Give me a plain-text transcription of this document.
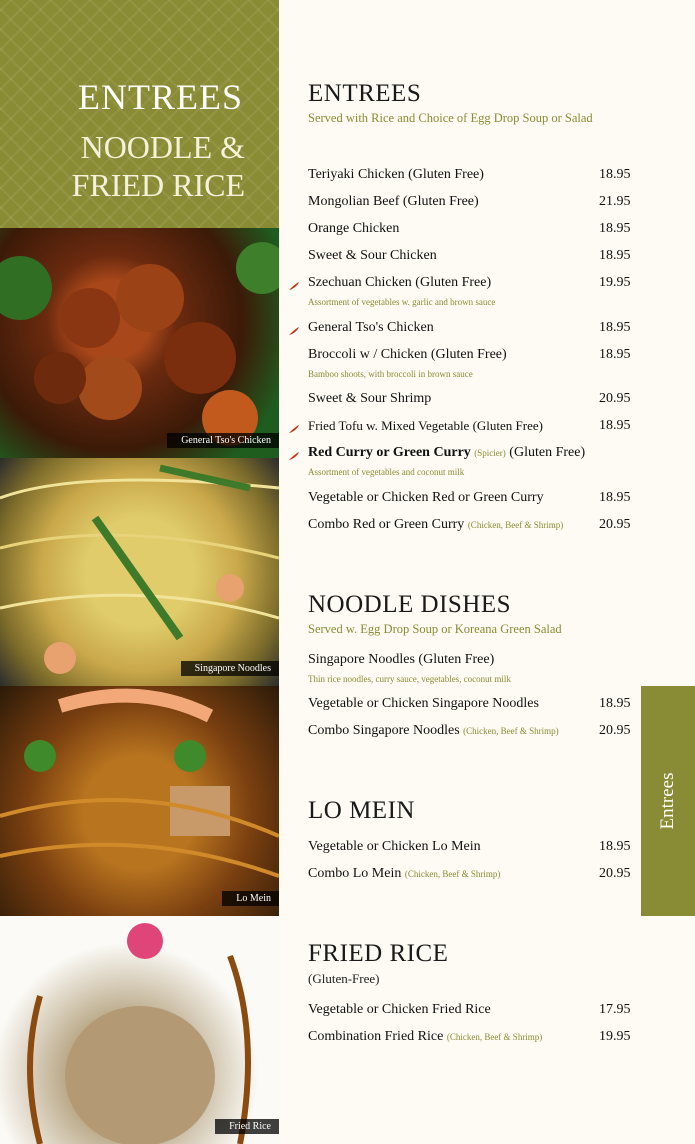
ENTREES
NOODLE &
FRIED RICE
General Tso's Chicken
Singapore Noodles
Lo Mein
Fried Rice
ENTREES
Served with Rice and Choice of Egg Drop Soup or Salad
Teriyaki Chicken (Gluten Free)	18.95
Mongolian Beef (Gluten Free)	21.95
Orange Chicken	18.95
Sweet & Sour Chicken	18.95
Szechuan Chicken (Gluten Free)	19.95
Assortment of vegetables w. garlic and brown sauce
General Tso's Chicken	18.95
Broccoli w / Chicken (Gluten Free)	18.95
Bamboo shoots, with broccoli in brown sauce
Sweet & Sour Shrimp	20.95
Fried Tofu w. Mixed Vegetable (Gluten Free)	18.95
Red Curry or Green Curry (Spicier) (Gluten Free)
Assortment of vegetables and coconut milk
Vegetable or Chicken Red or Green Curry	18.95
Combo Red or Green Curry (Chicken, Beef & Shrimp)	20.95
NOODLE DISHES
Served w. Egg Drop Soup or Koreana Green Salad
Singapore Noodles (Gluten Free)
Thin rice noodles, curry sauce, vegetables, coconut milk
Vegetable or Chicken Singapore Noodles	18.95
Combo Singapore Noodles (Chicken, Beef & Shrimp)	20.95
LO MEIN
Vegetable or Chicken Lo Mein	18.95
Combo Lo Mein (Chicken, Beef & Shrimp)	20.95
FRIED RICE
(Gluten-Free)
Vegetable or Chicken Fried Rice	17.95
Combination Fried Rice (Chicken, Beef & Shrimp)	19.95
Entrees
